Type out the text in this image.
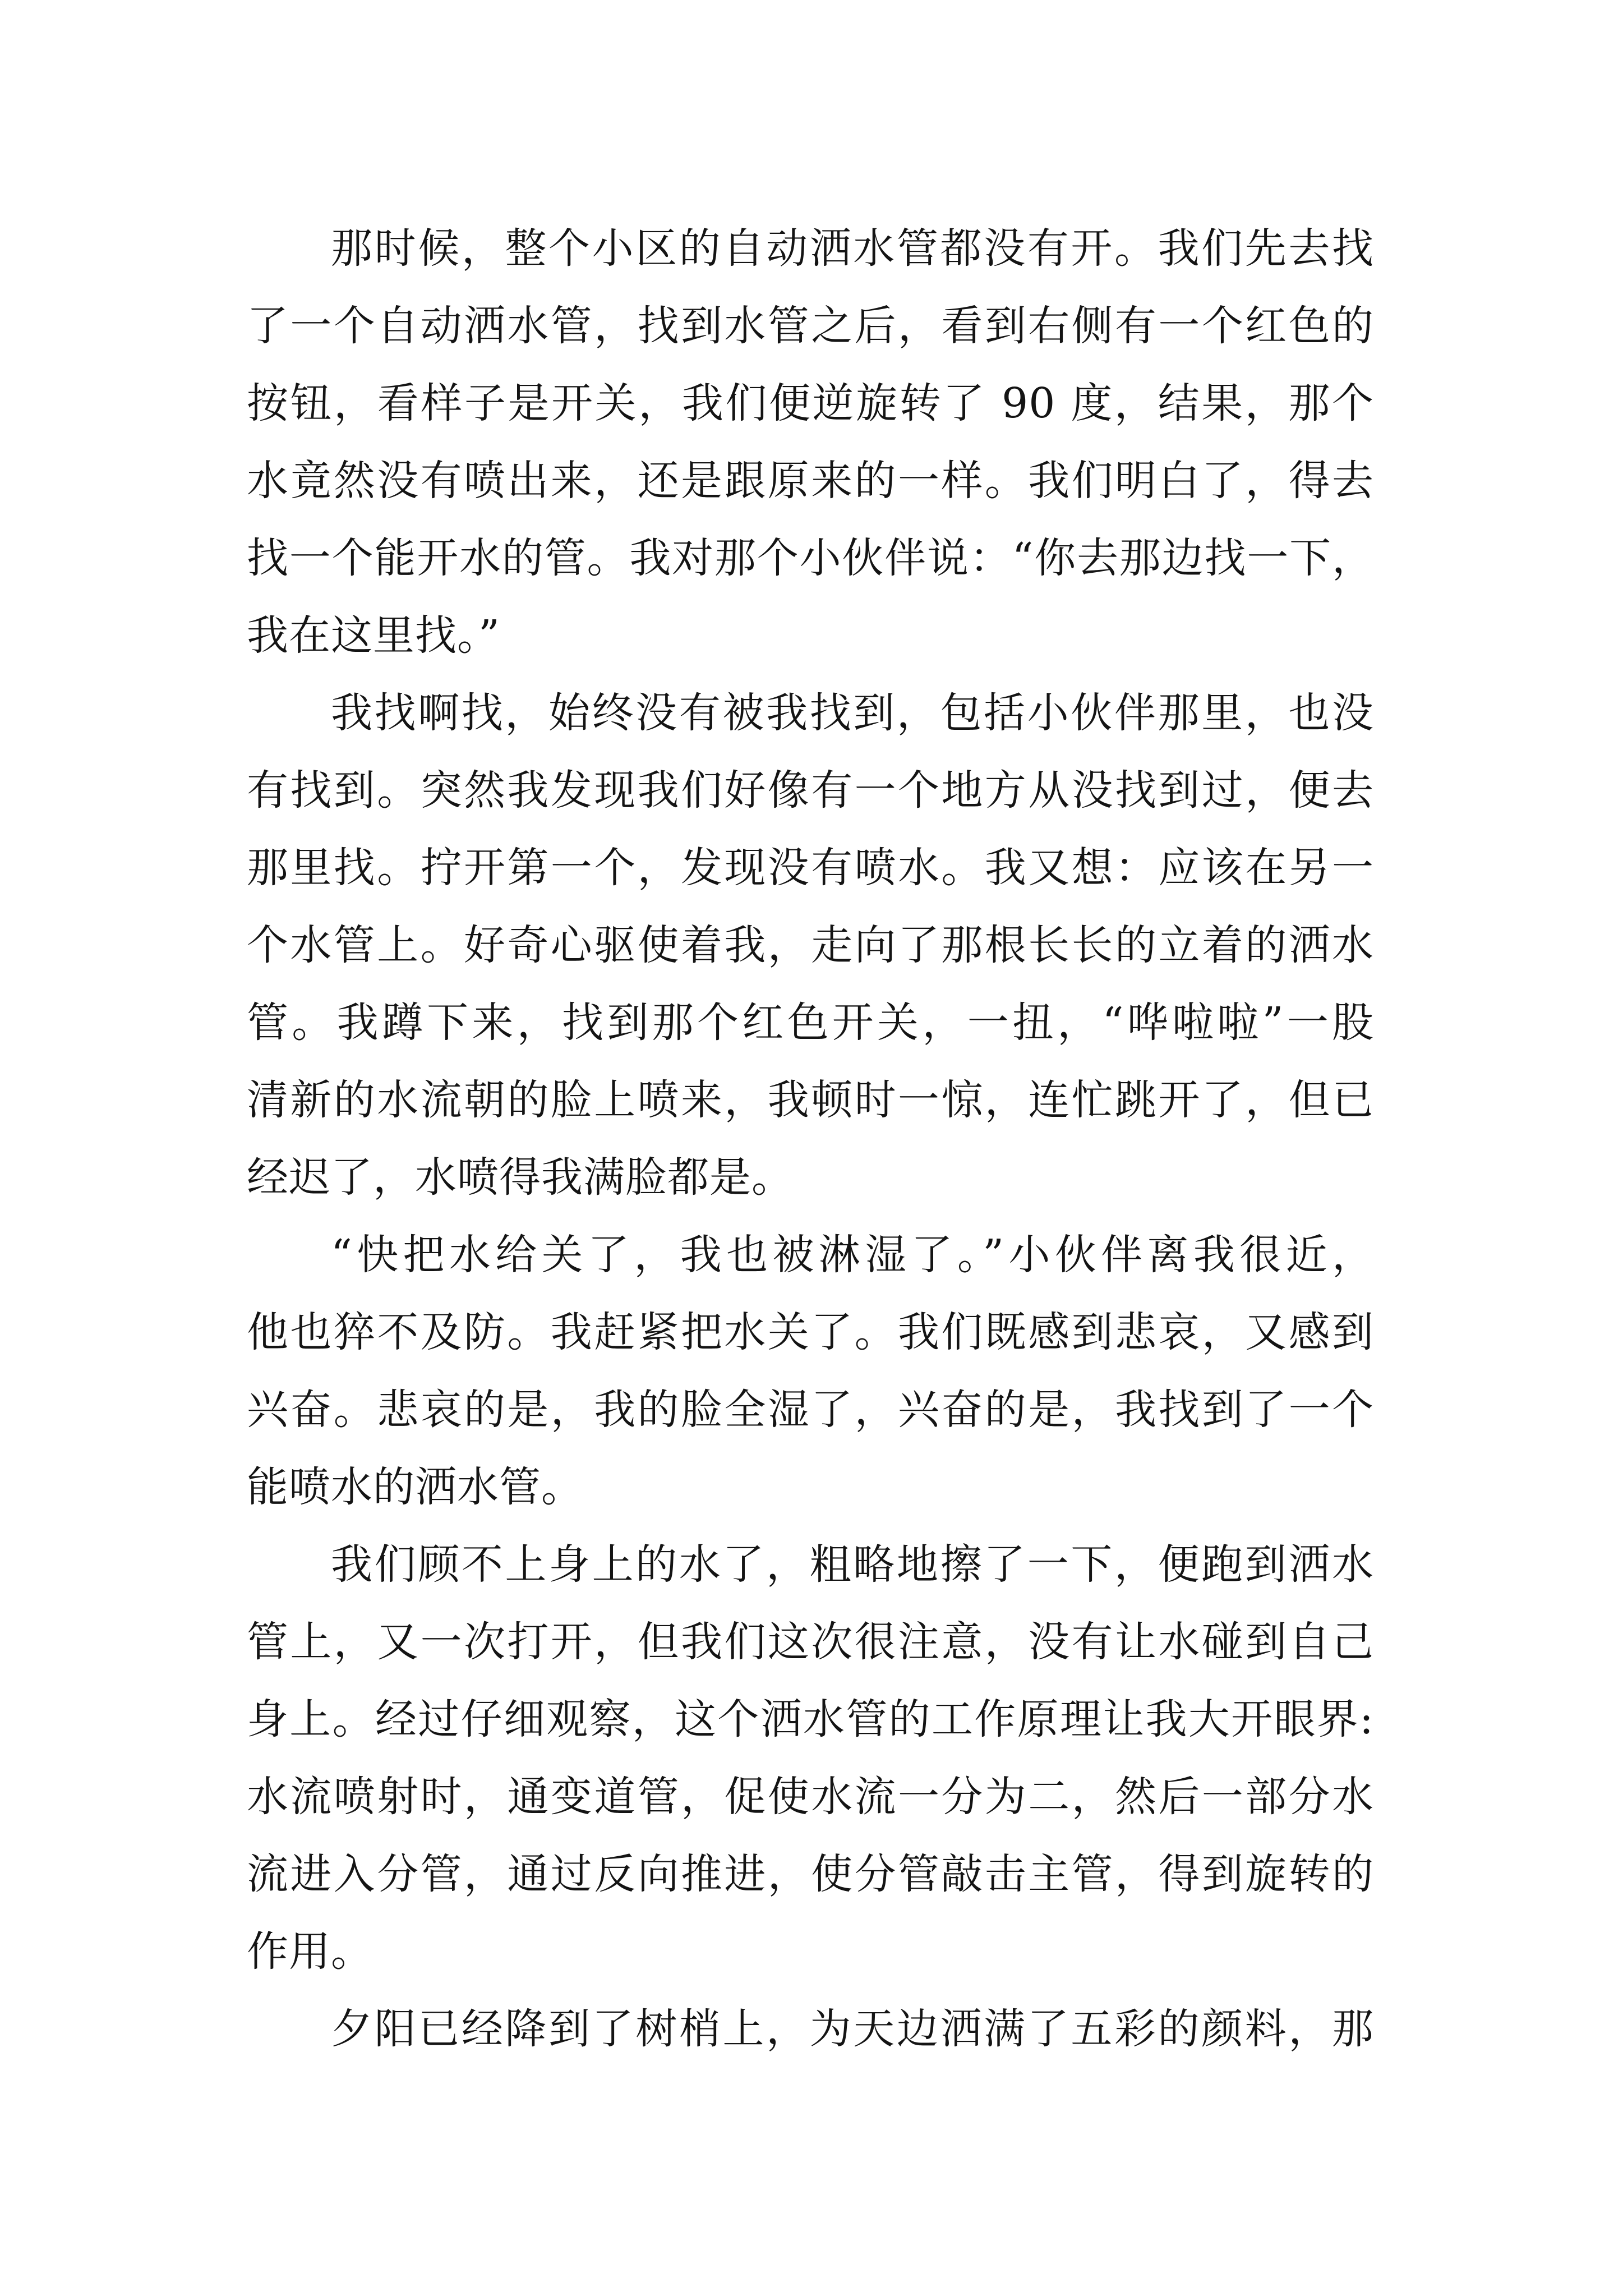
那时候，整个小区的自动洒水管都没有开。我们先去找
了一个自动洒水管，找到水管之后，看到右侧有一个红色的
按钮，看样子是开关，我们便逆旋转了 90 度，结果，那个
水竟然没有喷出来，还是跟原来的一样。我们明白了，得去
找一个能开水的管。我对那个小伙伴说：“你去那边找一下，
我在这里找。”
我找啊找，始终没有被我找到，包括小伙伴那里，也没
有找到。突然我发现我们好像有一个地方从没找到过，便去
那里找。拧开第一个，发现没有喷水。我又想：应该在另一
个水管上。好奇心驱使着我，走向了那根长长的立着的洒水
管。我蹲下来，找到那个红色开关，一扭，“哗啦啦”一股
清新的水流朝的脸上喷来，我顿时一惊，连忙跳开了，但已
经迟了，水喷得我满脸都是。
“快把水给关了，我也被淋湿了。”小伙伴离我很近，
他也猝不及防。我赶紧把水关了。我们既感到悲哀，又感到
兴奋。悲哀的是，我的脸全湿了，兴奋的是，我找到了一个
能喷水的洒水管。
我们顾不上身上的水了，粗略地擦了一下，便跑到洒水
管上，又一次打开，但我们这次很注意，没有让水碰到自己
身上。经过仔细观察，这个洒水管的工作原理让我大开眼界:
水流喷射时，通变道管，促使水流一分为二，然后一部分水
流进入分管，通过反向推进，使分管敲击主管，得到旋转的
作用。
夕阳已经降到了树梢上，为天边洒满了五彩的颜料，那
